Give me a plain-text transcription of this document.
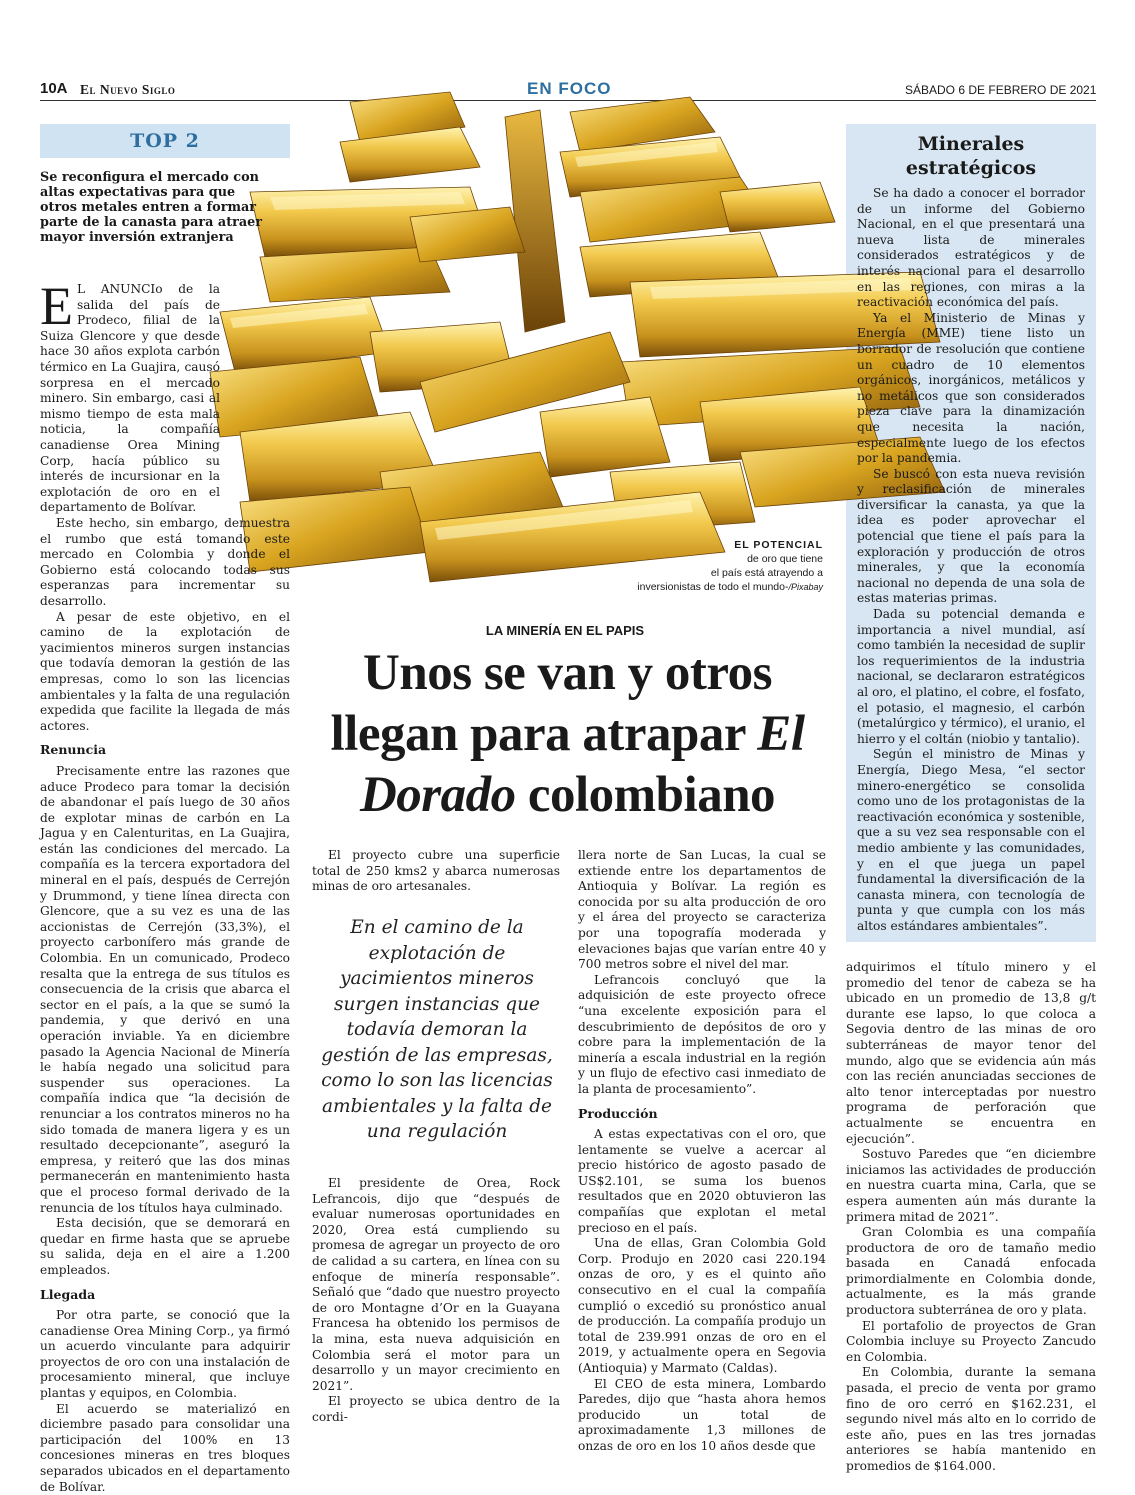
10A El Nuevo Siglo	EN FOCO	SÁBADO 6 DE FEBRERO DE 2021
EL POTENCIAL
de oro que tiene
el país está atrayendo a
inversionistas de todo el mundo-/Pixabay
TOP 2
Se reconfigura el mercado con altas expectativas para que otros metales entren a formar parte de la canasta para atraer mayor inversión extranjera
E L ANUNCIo de la salida del país de Prodeco, filial de la Suiza Glencore y que desde hace 30 años explota carbón térmico en La Guajira, causó sorpresa en el mercado minero. Sin embargo, casi al mismo tiempo de esta mala noticia, la compañía canadiense Orea Mining Corp, hacía público su interés de incursionar en la explotación de oro en el departamento de Bolívar.

Este hecho, sin embargo, demuestra el rumbo que está tomando este mercado en Colombia y donde el Gobierno está colocando todas sus esperanzas para incrementar su desarrollo.

A pesar de este objetivo, en el camino de la explotación de yacimientos mineros surgen instancias que todavía demoran la gestión de las empresas, como lo son las licencias ambientales y la falta de una regulación expedida que facilite la llegada de más actores.

Renuncia

Precisamente entre las razones que aduce Prodeco para tomar la decisión de abandonar el país luego de 30 años de explotar minas de carbón en La Jagua y en Calenturitas, en La Guajira, están las condiciones del mercado. La compañía es la tercera exportadora del mineral en el país, después de Cerrejón y Drummond, y tiene línea directa con Glencore, que a su vez es una de las accionistas de Cerrejón (33,3%), el proyecto carbonífero más grande de Colombia. En un comunicado, Prodeco resalta que la entrega de sus títulos es consecuencia de la crisis que abarca el sector en el país, a la que se sumó la pandemia, y que derivó en una operación inviable. Ya en diciembre pasado la Agencia Nacional de Minería le había negado una solicitud para suspender sus operaciones. La compañía indica que “la decisión de renunciar a los contratos mineros no ha sido tomada de manera ligera y es un resultado decepcionante”, aseguró la empresa, y reiteró que las dos minas permanecerán en mantenimiento hasta que el proceso formal derivado de la renuncia de los títulos haya culminado.

Esta decisión, que se demorará en quedar en firme hasta que se apruebe su salida, deja en el aire a 1.200 empleados.

Llegada

Por otra parte, se conoció que la canadiense Orea Mining Corp., ya firmó un acuerdo vinculante para adquirir proyectos de oro con una instalación de procesamiento mineral, que incluye plantas y equipos, en Colombia.

El acuerdo se materializó en diciembre pasado para consolidar una participación del 100% en 13 concesiones mineras en tres bloques separados ubicados en el departamento de Bolívar.

LA MINERÍA EN EL PAPIS
Unos se van y otros
llegan para atrapar El
Dorado colombiano

El proyecto cubre una superficie total de 250 kms2 y abarca numerosas minas de oro artesanales.

En el camino de la explotación de yacimientos mineros surgen instancias que todavía demoran la gestión de las empresas, como lo son las licencias ambientales y la falta de una regulación

El presidente de Orea, Rock Lefrancois, dijo que “después de evaluar numerosas oportunidades en 2020, Orea está cumpliendo su promesa de agregar un proyecto de oro de calidad a su cartera, en línea con su enfoque de minería responsable”. Señaló que “dado que nuestro proyecto de oro Montagne d’Or en la Guayana Francesa ha obtenido los permisos de la mina, esta nueva adquisición en Colombia será el motor para un desarrollo y un mayor crecimiento en 2021”.

El proyecto se ubica dentro de la cordi-

llera norte de San Lucas, la cual se extiende entre los departamentos de Antioquia y Bolívar. La región es conocida por su alta producción de oro y el área del proyecto se caracteriza por una topografía moderada y elevaciones bajas que varían entre 40 y 700 metros sobre el nivel del mar.

Lefrancois concluyó que la adquisición de este proyecto ofrece “una excelente exposición para el descubrimiento de depósitos de oro y cobre para la implementación de la minería a escala industrial en la región y un flujo de efectivo casi inmediato de la planta de procesamiento”.

Producción

A estas expectativas con el oro, que lentamente se vuelve a acercar al precio histórico de agosto pasado de US$2.101, se suma los buenos resultados que en 2020 obtuvieron las compañías que explotan el metal precioso en el país.

Una de ellas, Gran Colombia Gold Corp. Produjo en 2020 casi 220.194 onzas de oro, y es el quinto año consecutivo en el cual la compañía cumplió o excedió su pronóstico anual de producción. La compañía produjo un total de 239.991 onzas de oro en el 2019, y actualmente opera en Segovia (Antioquia) y Marmato (Caldas).

El CEO de esta minera, Lombardo Paredes, dijo que “hasta ahora hemos producido un total de aproximadamente 1,3 millones de onzas de oro en los 10 años desde que

Minerales
estratégicos

Se ha dado a conocer el borrador de un informe del Gobierno Nacional, en el que presentará una nueva lista de minerales considerados estratégicos y de interés nacional para el desarrollo en las regiones, con miras a la reactivación económica del país.

Ya el Ministerio de Minas y Energía (MME) tiene listo un borrador de resolución que contiene un cuadro de 10 elementos orgánicos, inorgánicos, metálicos y no metálicos que son considerados pieza clave para la dinamización que necesita la nación, especialmente luego de los efectos por la pandemia.

Se buscó con esta nueva revisión y reclasificación de minerales diversificar la canasta, ya que la idea es poder aprovechar el potencial que tiene el país para la exploración y producción de otros minerales, y que la economía nacional no dependa de una sola de estas materias primas.

Dada su potencial demanda e importancia a nivel mundial, así como también la necesidad de suplir los requerimientos de la industria nacional, se declararon estratégicos al oro, el platino, el cobre, el fosfato, el potasio, el magnesio, el carbón (metalúrgico y térmico), el uranio, el hierro y el coltán (niobio y tantalio).

Según el ministro de Minas y Energía, Diego Mesa, “el sector minero-energético se consolida como uno de los protagonistas de la reactivación económica y sostenible, que a su vez sea responsable con el medio ambiente y las comunidades, y en el que juega un papel fundamental la diversificación de la canasta minera, con tecnología de punta y que cumpla con los más altos estándares ambientales”.

adquirimos el título minero y el promedio del tenor de cabeza se ha ubicado en un promedio de 13,8 g/t durante ese lapso, lo que coloca a Segovia dentro de las minas de oro subterráneas de mayor tenor del mundo, algo que se evidencia aún más con las recién anunciadas secciones de alto tenor interceptadas por nuestro programa de perforación que actualmente se encuentra en ejecución”.

Sostuvo Paredes que “en diciembre iniciamos las actividades de producción en nuestra cuarta mina, Carla, que se espera aumenten aún más durante la primera mitad de 2021”.

Gran Colombia es una compañía productora de oro de tamaño medio basada en Canadá enfocada primordialmente en Colombia donde, actualmente, es la más grande productora subterránea de oro y plata.

El portafolio de proyectos de Gran Colombia incluye su Proyecto Zancudo en Colombia.

En Colombia, durante la semana pasada, el precio de venta por gramo fino de oro cerró en $162.231, el segundo nivel más alto en lo corrido de este año, pues en las tres jornadas anteriores se había mantenido en promedios de $164.000.
